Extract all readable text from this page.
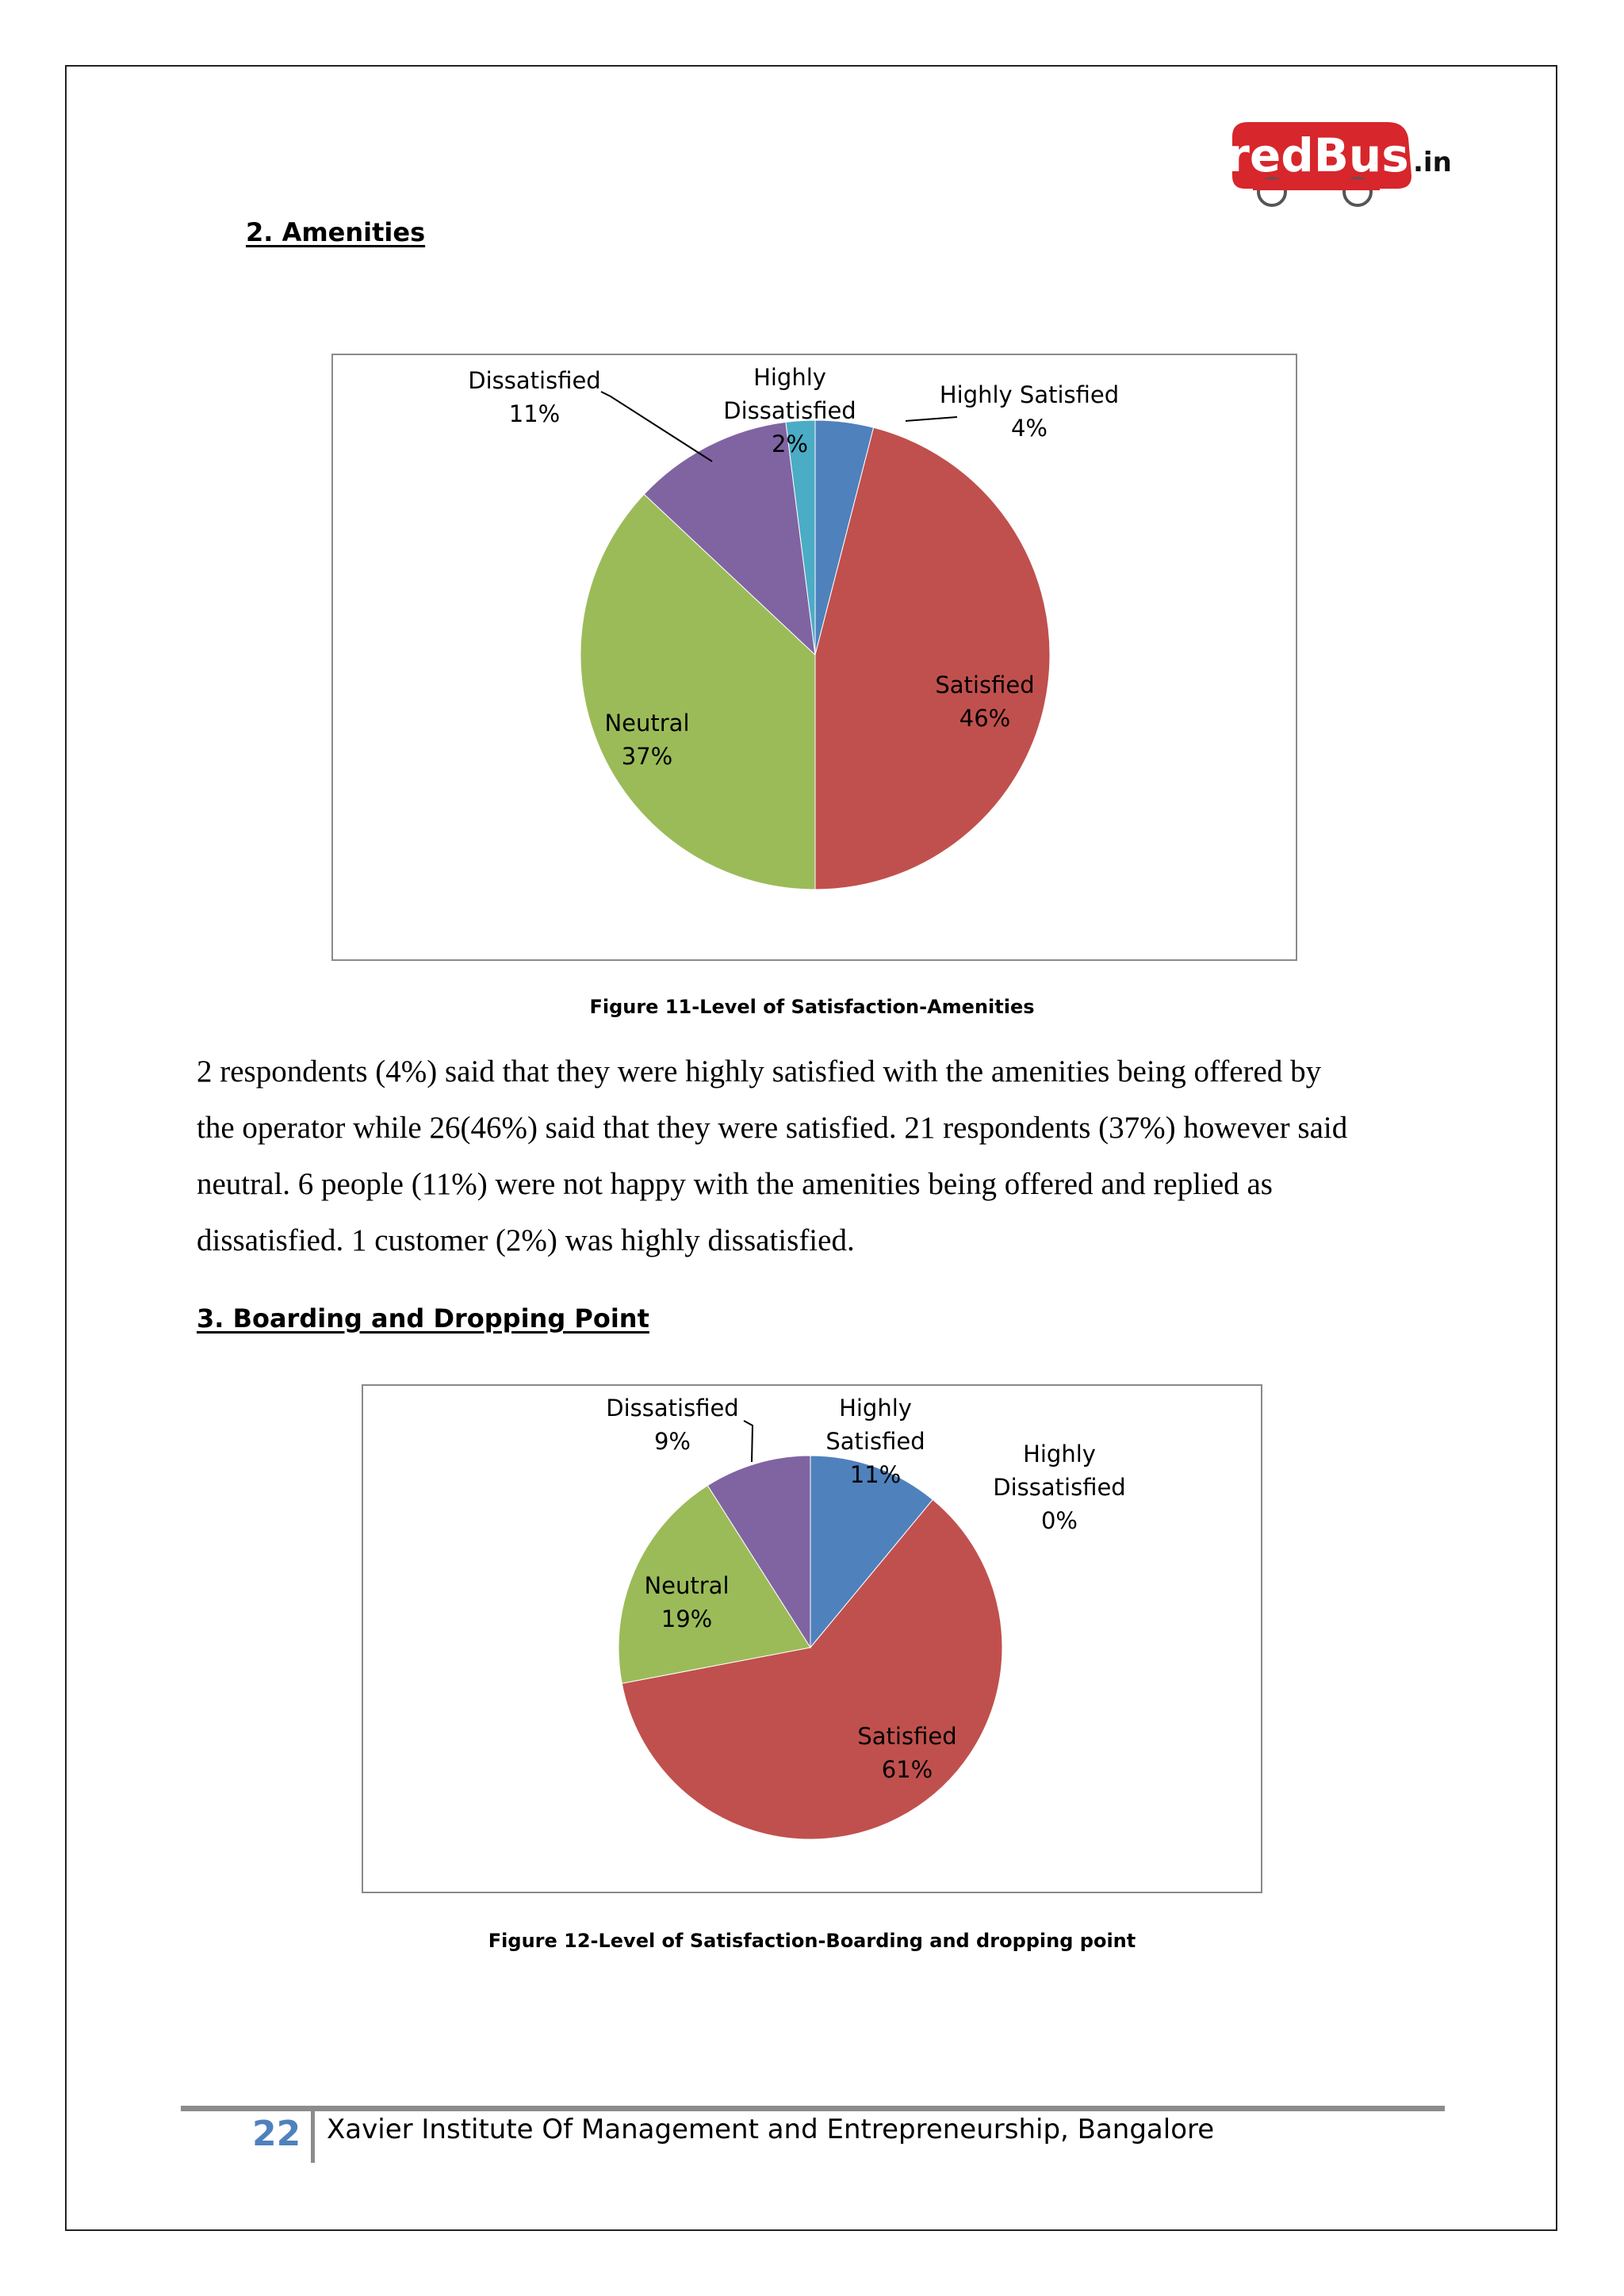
redBus .in
2. Amenities
Highly Satisfied 4%
Satisfied 46%
Neutral 37%
Dissatisfied 11%
Highly Dissatisfied 2%
Figure 11-Level of Satisfaction-Amenities
2 respondents (4%) said that they were highly satisfied with the amenities being offered by
the operator while 26(46%) said that they were satisfied. 21 respondents (37%) however said
neutral. 6 people (11%) were not happy with the amenities being offered and replied as
dissatisfied. 1 customer (2%) was highly dissatisfied.
3. Boarding and Dropping Point
Highly Satisfied 11%
Satisfied 61%
Neutral 19%
Dissatisfied 9%	Highly Dissatisfied 0%
Figure 12-Level of Satisfaction-Boarding and dropping point
22 Xavier Institute Of Management and Entrepreneurship, Bangalore
